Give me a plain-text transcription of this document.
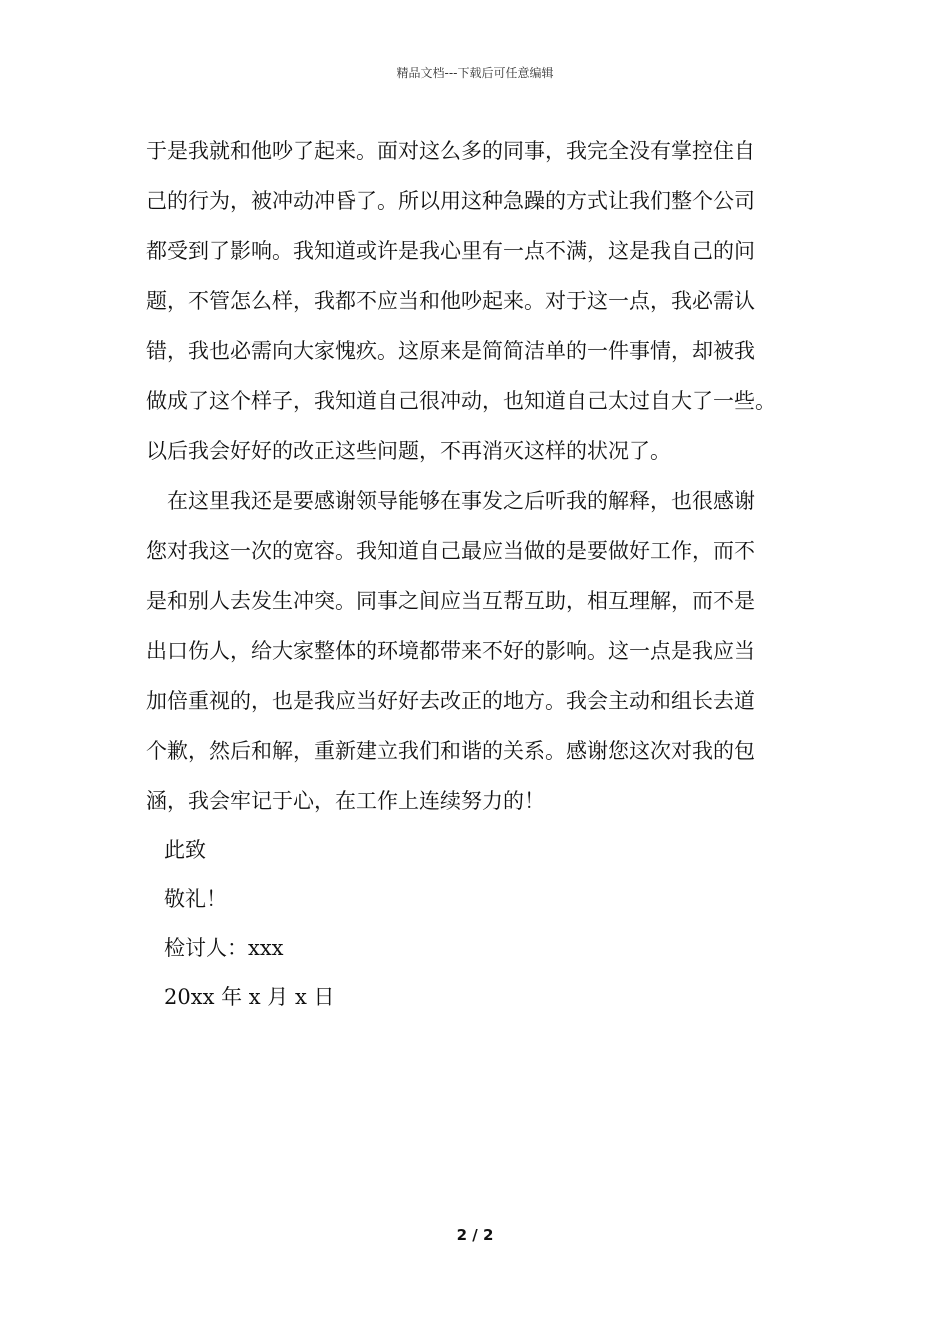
精品文档---下载后可任意编辑
于是我就和他吵了起来。面对这么多的同事，我完全没有掌控住自
己的行为，被冲动冲昏了。所以用这种急躁的方式让我们整个公司
都受到了影响。我知道或许是我心里有一点不满，这是我自己的问
题，不管怎么样，我都不应当和他吵起来。对于这一点，我必需认
错，我也必需向大家愧疚。这原来是简简洁单的一件事情，却被我
做成了这个样子，我知道自己很冲动，也知道自己太过自大了一些。
以后我会好好的改正这些问题，不再消灭这样的状况了。
在这里我还是要感谢领导能够在事发之后听我的解释，也很感谢
您对我这一次的宽容。我知道自己最应当做的是要做好工作，而不
是和别人去发生冲突。同事之间应当互帮互助，相互理解，而不是
出口伤人，给大家整体的环境都带来不好的影响。这一点是我应当
加倍重视的，也是我应当好好去改正的地方。我会主动和组长去道
个歉，然后和解，重新建立我们和谐的关系。感谢您这次对我的包
涵，我会牢记于心，在工作上连续努力的！
此致
敬礼！
检讨人：xxx
20xx 年 x 月 x 日
2 / 2
